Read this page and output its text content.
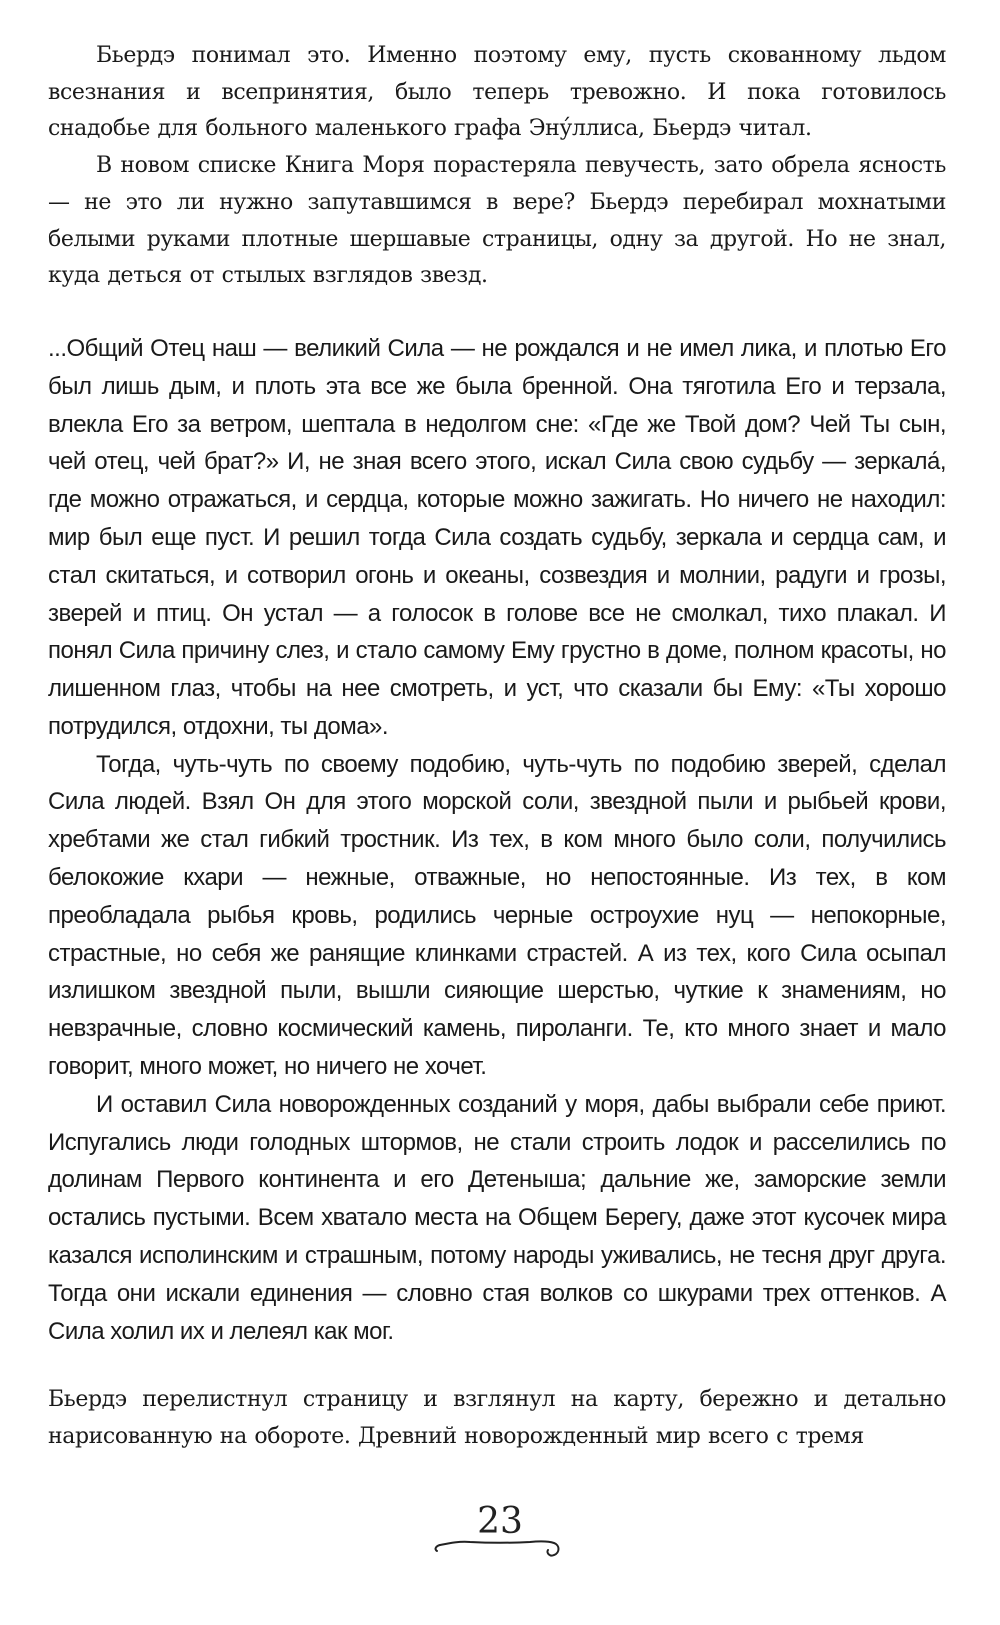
Бьердэ понимал это. Именно поэтому ему, пусть скованному льдом всезнания и всепринятия, было теперь тревожно. И пока готовилось снадобье для больного маленького графа Эну́ллиса, Бьердэ читал.

В новом списке Книга Моря порастеряла певучесть, зато обрела ясность — не это ли нужно запутавшимся в вере? Бьердэ перебирал мохнатыми белыми руками плотные шершавые страницы, одну за другой. Но не знал, куда деться от стылых взглядов звезд.

...Общий Отец наш — великий Сила — не рождался и не имел лика, и плотью Его был лишь дым, и плоть эта все же была бренной. Она тяготила Его и терзала, влекла Его за ветром, шептала в недолгом сне: «Где же Твой дом? Чей Ты сын, чей отец, чей брат?» И, не зная всего этого, искал Сила свою судьбу — зеркала́, где можно отражаться, и сердца, которые можно зажигать. Но ничего не находил: мир был еще пуст. И решил тогда Сила создать судьбу, зеркала и сердца сам, и стал скитаться, и сотворил огонь и океаны, созвездия и молнии, радуги и грозы, зверей и птиц. Он устал — а голосок в голове все не смолкал, тихо плакал. И понял Сила причину слез, и стало самому Ему грустно в доме, полном красоты, но лишенном глаз, чтобы на нее смотреть, и уст, что сказали бы Ему: «Ты хорошо потрудился, отдохни, ты дома».

Тогда, чуть-чуть по своему подобию, чуть-чуть по подобию зверей, сделал Сила людей. Взял Он для этого морской соли, звездной пыли и рыбьей крови, хребтами же стал гибкий тростник. Из тех, в ком много было соли, получились белокожие кхари — нежные, отважные, но непостоянные. Из тех, в ком преобладала рыбья кровь, родились черные остроухие нуц — непокорные, страстные, но себя же ранящие клинками страстей. А из тех, кого Сила осыпал излишком звездной пыли, вышли сияющие шерстью, чуткие к знамениям, но невзрачные, словно космический камень, пироланги. Те, кто много знает и мало говорит, много может, но ничего не хочет.

И оставил Сила новорожденных созданий у моря, дабы выбрали себе приют. Испугались люди голодных штормов, не стали строить лодок и расселились по долинам Первого континента и его Детеныша; дальние же, заморские земли остались пустыми. Всем хватало места на Общем Берегу, даже этот кусочек мира казался исполинским и страшным, потому народы уживались, не тесня друг друга. Тогда они искали единения — словно стая волков со шкурами трех оттенков. А Сила холил их и лелеял как мог.

Бьердэ перелистнул страницу и взглянул на карту, бережно и детально нарисованную на обороте. Древний новорожденный мир всего с тремя

23
